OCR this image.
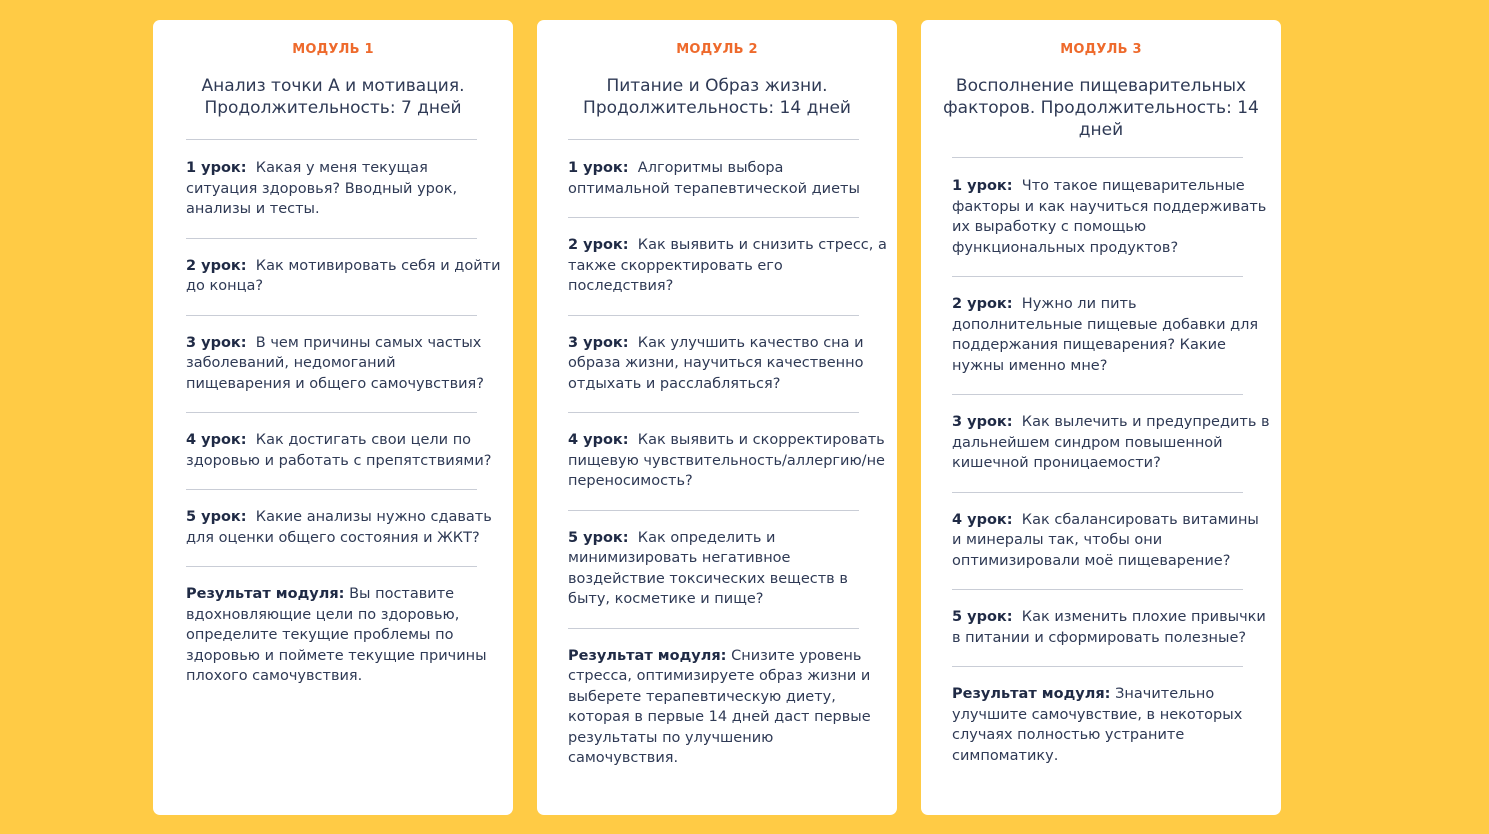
МОДУЛЬ 1
Анализ точки А и мотивация. Продолжительность: 7 дней
1 урок: Какая у меня текущая ситуация здоровья? Вводный урок, анализы и тесты.
2 урок: Как мотивировать себя и дойти до конца?
3 урок: В чем причины самых частых заболеваний, недомоганий пищеварения и общего самочувствия?
4 урок: Как достигать свои цели по здоровью и работать с препятствиями?
5 урок: Какие анализы нужно сдавать для оценки общего состояния и ЖКТ?
Результат модуля: Вы поставите вдохновляющие цели по здоровью, определите текущие проблемы по здоровью и поймете текущие причины плохого самочувствия.
МОДУЛЬ 2
Питание и Образ жизни. Продолжительность: 14 дней
1 урок: Алгоритмы выбора оптимальной терапевтической диеты
2 урок: Как выявить и снизить стресс, а также скорректировать его последствия?
3 урок: Как улучшить качество сна и образа жизни, научиться качественно отдыхать и расслабляться?
4 урок: Как выявить и скорректировать пищевую чувствительность/аллергию/непереносимость?
5 урок: Как определить и минимизировать негативное воздействие токсических веществ в быту, косметике и пище?
Результат модуля: Снизите уровень стресса, оптимизируете образ жизни и выберете терапевтическую диету, которая в первые 14 дней даст первые результаты по улучшению самочувствия.
МОДУЛЬ 3
Восполнение пищеварительных факторов. Продолжительность: 14 дней
1 урок: Что такое пищеварительные факторы и как научиться поддерживать их выработку с помощью функциональных продуктов?
2 урок: Нужно ли пить дополнительные пищевые добавки для поддержания пищеварения? Какие нужны именно мне?
3 урок: Как вылечить и предупредить в дальнейшем синдром повышенной кишечной проницаемости?
4 урок: Как сбалансировать витамины и минералы так, чтобы они оптимизировали моё пищеварение?
5 урок: Как изменить плохие привычки в питании и сформировать полезные?
Результат модуля: Значительно улучшите самочувствие, в некоторых случаях полностью устраните симпоматику.
